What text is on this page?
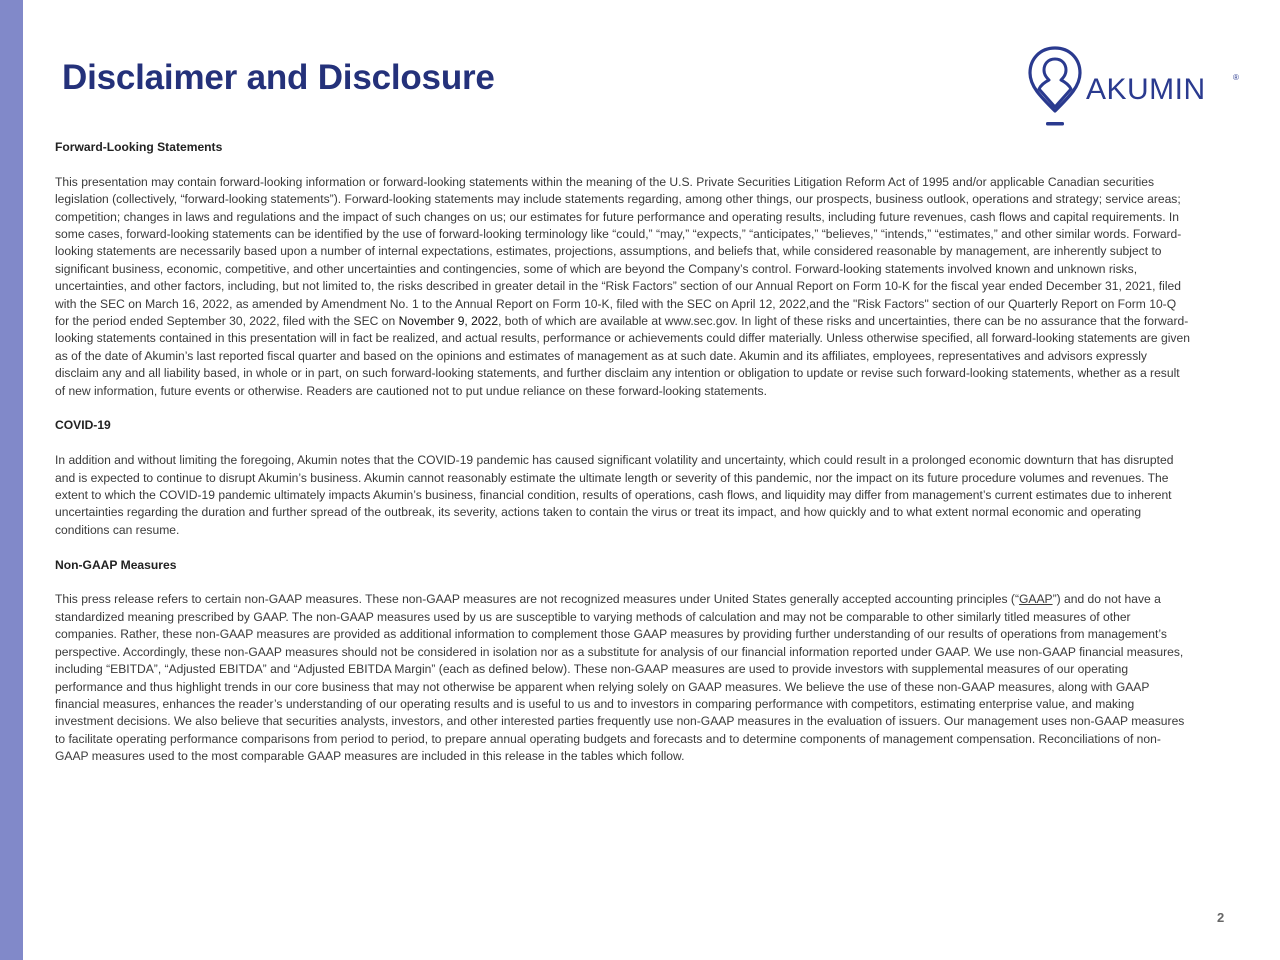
Disclaimer and Disclosure	AKUMIN	®
Forward-Looking Statements

This presentation may contain forward-looking information or forward-looking statements within the meaning of the U.S. Private Securities Litigation Reform Act of 1995 and/or applicable Canadian securities legislation (collectively, “forward-looking statements”). Forward-looking statements may include statements regarding, among other things, our prospects, business outlook, operations and strategy; service areas; competition; changes in laws and regulations and the impact of such changes on us; our estimates for future performance and operating results, including future revenues, cash flows and capital requirements. In some cases, forward-looking statements can be identified by the use of forward-looking terminology like “could,” “may,” “expects,” “anticipates,” “believes,” “intends,” “estimates,” and other similar words. Forward-looking statements are necessarily based upon a number of internal expectations, estimates, projections, assumptions, and beliefs that, while considered reasonable by management, are inherently subject to significant business, economic, competitive, and other uncertainties and contingencies, some of which are beyond the Company’s control. Forward-looking statements involved known and unknown risks, uncertainties, and other factors, including, but not limited to, the risks described in greater detail in the “Risk Factors” section of our Annual Report on Form 10-K for the fiscal year ended December 31, 2021, filed with the SEC on March 16, 2022, as amended by Amendment No. 1 to the Annual Report on Form 10-K, filed with the SEC on April 12, 2022,and the "Risk Factors" section of our Quarterly Report on Form 10-Q for the period ended September 30, 2022, filed with the SEC on November 9, 2022, both of which are available at www.sec.gov. In light of these risks and uncertainties, there can be no assurance that the forward-looking statements contained in this presentation will in fact be realized, and actual results, performance or achievements could differ materially. Unless otherwise specified, all forward-looking statements are given as of the date of Akumin’s last reported fiscal quarter and based on the opinions and estimates of management as at such date. Akumin and its affiliates, employees, representatives and advisors expressly disclaim any and all liability based, in whole or in part, on such forward-looking statements, and further disclaim any intention or obligation to update or revise such forward-looking statements, whether as a result of new information, future events or otherwise. Readers are cautioned not to put undue reliance on these forward-looking statements.

COVID-19

In addition and without limiting the foregoing, Akumin notes that the COVID-19 pandemic has caused significant volatility and uncertainty, which could result in a prolonged economic downturn that has disrupted and is expected to continue to disrupt Akumin’s business. Akumin cannot reasonably estimate the ultimate length or severity of this pandemic, nor the impact on its future procedure volumes and revenues. The extent to which the COVID-19 pandemic ultimately impacts Akumin’s business, financial condition, results of operations, cash flows, and liquidity may differ from management’s current estimates due to inherent uncertainties regarding the duration and further spread of the outbreak, its severity, actions taken to contain the virus or treat its impact, and how quickly and to what extent normal economic and operating conditions can resume.

Non-GAAP Measures

This press release refers to certain non-GAAP measures. These non-GAAP measures are not recognized measures under United States generally accepted accounting principles (“GAAP”) and do not have a standardized meaning prescribed by GAAP. The non-GAAP measures used by us are susceptible to varying methods of calculation and may not be comparable to other similarly titled measures of other companies. Rather, these non-GAAP measures are provided as additional information to complement those GAAP measures by providing further understanding of our results of operations from management’s perspective. Accordingly, these non-GAAP measures should not be considered in isolation nor as a substitute for analysis of our financial information reported under GAAP. We use non-GAAP financial measures, including “EBITDA”, “Adjusted EBITDA” and “Adjusted EBITDA Margin” (each as defined below). These non-GAAP measures are used to provide investors with supplemental measures of our operating performance and thus highlight trends in our core business that may not otherwise be apparent when relying solely on GAAP measures. We believe the use of these non-GAAP measures, along with GAAP financial measures, enhances the reader’s understanding of our operating results and is useful to us and to investors in comparing performance with competitors, estimating enterprise value, and making investment decisions. We also believe that securities analysts, investors, and other interested parties frequently use non-GAAP measures in the evaluation of issuers. Our management uses non-GAAP measures to facilitate operating performance comparisons from period to period, to prepare annual operating budgets and forecasts and to determine components of management compensation. Reconciliations of non-GAAP measures used to the most comparable GAAP measures are included in this release in the tables which follow.

2
